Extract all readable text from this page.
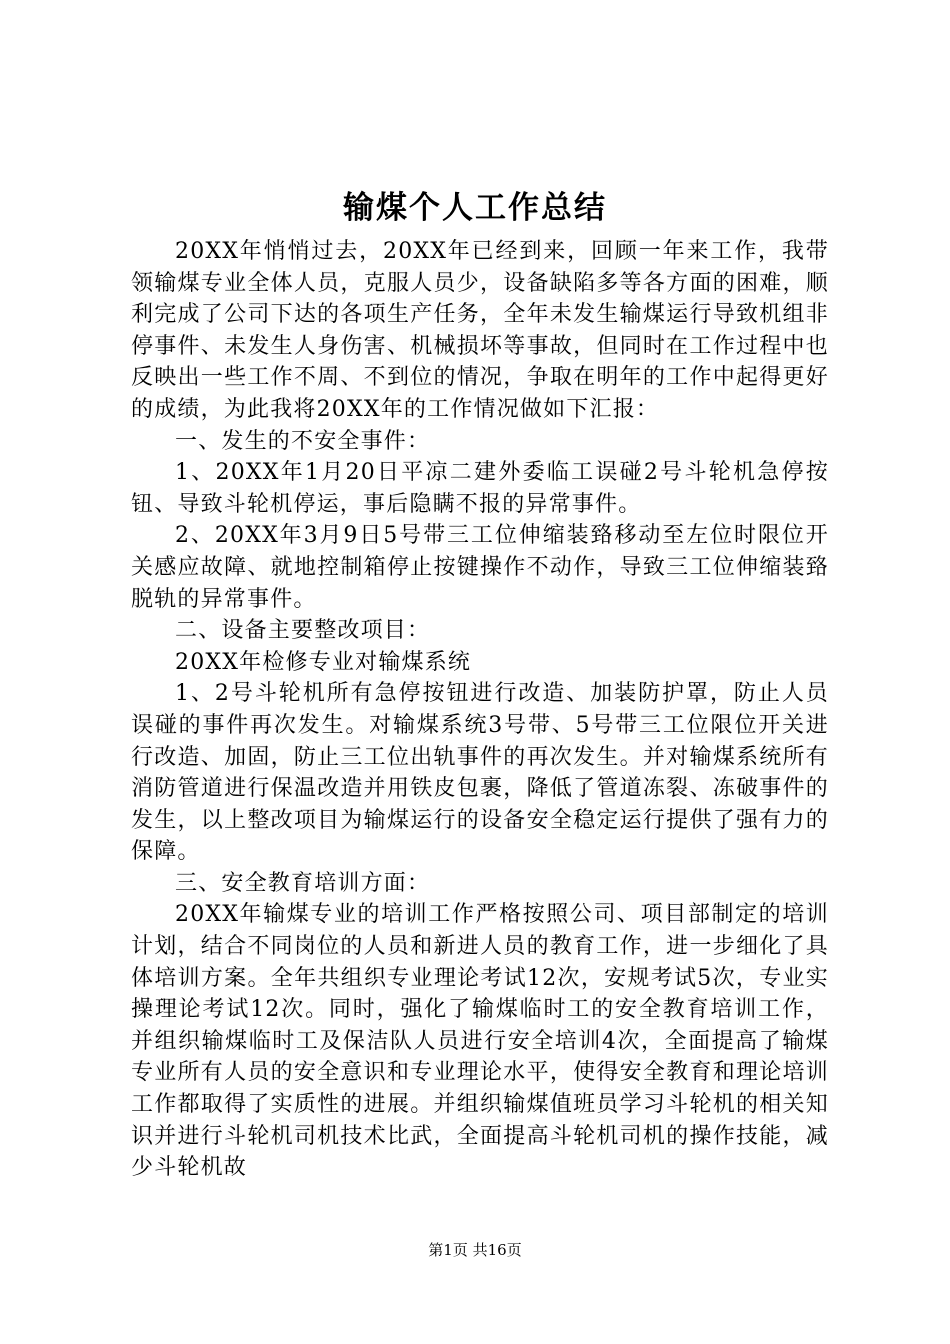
输煤个人工作总结

20XX年悄悄过去，20XX年已经到来，回顾一年来工作，我带领输煤专业全体人员，克服人员少，设备缺陷多等各方面的困难，顺利完成了公司下达的各项生产任务，全年未发生输煤运行导致机组非停事件、未发生人身伤害、机械损坏等事故，但同时在工作过程中也反映出一些工作不周、不到位的情况，争取在明年的工作中起得更好的成绩，为此我将20XX年的工作情况做如下汇报：

一、发生的不安全事件：

1、20XX年1月20日平凉二建外委临工误碰2号斗轮机急停按钮、导致斗轮机停运，事后隐瞒不报的异常事件。

2、20XX年3月9日5号带三工位伸缩装臵移动至左位时限位开关感应故障、就地控制箱停止按键操作不动作，导致三工位伸缩装臵脱轨的异常事件。

二、设备主要整改项目：

20XX年检修专业对输煤系统

1、2号斗轮机所有急停按钮进行改造、加装防护罩，防止人员误碰的事件再次发生。对输煤系统3号带、5号带三工位限位开关进行改造、加固，防止三工位出轨事件的再次发生。并对输煤系统所有消防管道进行保温改造并用铁皮包裹，降低了管道冻裂、冻破事件的发生，以上整改项目为输煤运行的设备安全稳定运行提供了强有力的保障。

三、安全教育培训方面：

20XX年输煤专业的培训工作严格按照公司、项目部制定的培训计划，结合不同岗位的人员和新进人员的教育工作，进一步细化了具体培训方案。全年共组织专业理论考试12次，安规考试5次，专业实操理论考试12次。同时，强化了输煤临时工的安全教育培训工作，并组织输煤临时工及保洁队人员进行安全培训4次，全面提高了输煤专业所有人员的安全意识和专业理论水平，使得安全教育和理论培训工作都取得了实质性的进展。并组织输煤值班员学习斗轮机的相关知识并进行斗轮机司机技术比武，全面提高斗轮机司机的操作技能，减少斗轮机故

第1页 共16页
